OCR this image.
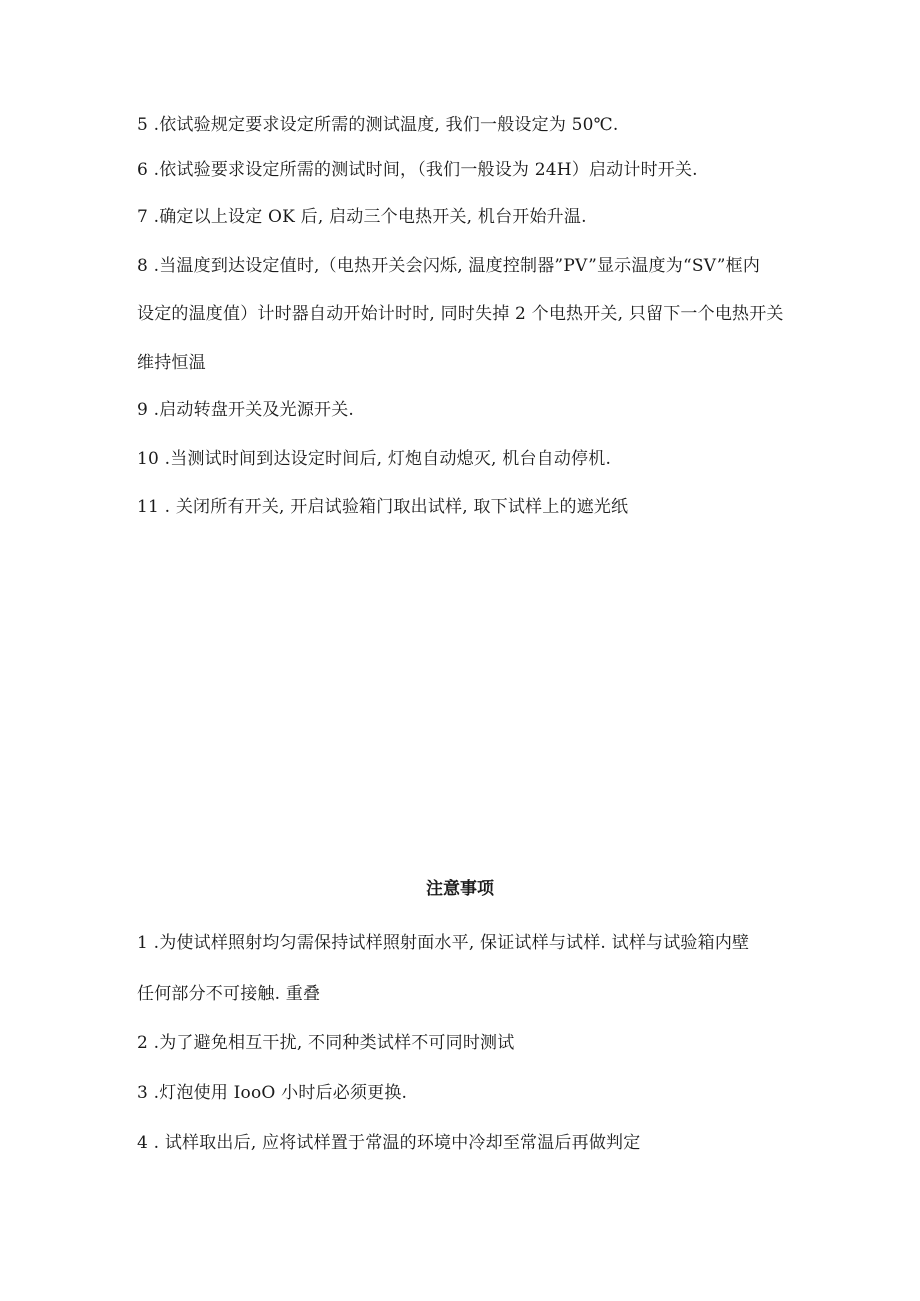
5 .依试验规定要求设定所需的测试温度, 我们一般设定为 50℃.
6 .依试验要求设定所需的测试时间，（我们一般设为 24H）启动计时开关.
7 .确定以上设定 OK 后, 启动三个电热开关, 机台开始升温.
8 .当温度到达设定值时,（电热开关会闪烁, 温度控制器”PV”显示温度为“SV”框内
设定的温度值）计时器自动开始计时时, 同时失掉 2 个电热开关, 只留下一个电热开关
维持恒温
9 .启动转盘开关及光源开关.
10 .当测试时间到达设定时间后, 灯炮自动熄灭, 机台自动停机.
11 . 关闭所有开关, 开启试验箱门取出试样, 取下试样上的遮光纸
注意事项
1 .为使试样照射均匀需保持试样照射面水平, 保证试样与试样. 试样与试验箱内壁
任何部分不可接触. 重叠
2 .为了避免相互干扰, 不同种类试样不可同时测试
3 .灯泡使用 IooO 小时后必须更换.
4 . 试样取出后, 应将试样置于常温的环境中冷却至常温后再做判定
